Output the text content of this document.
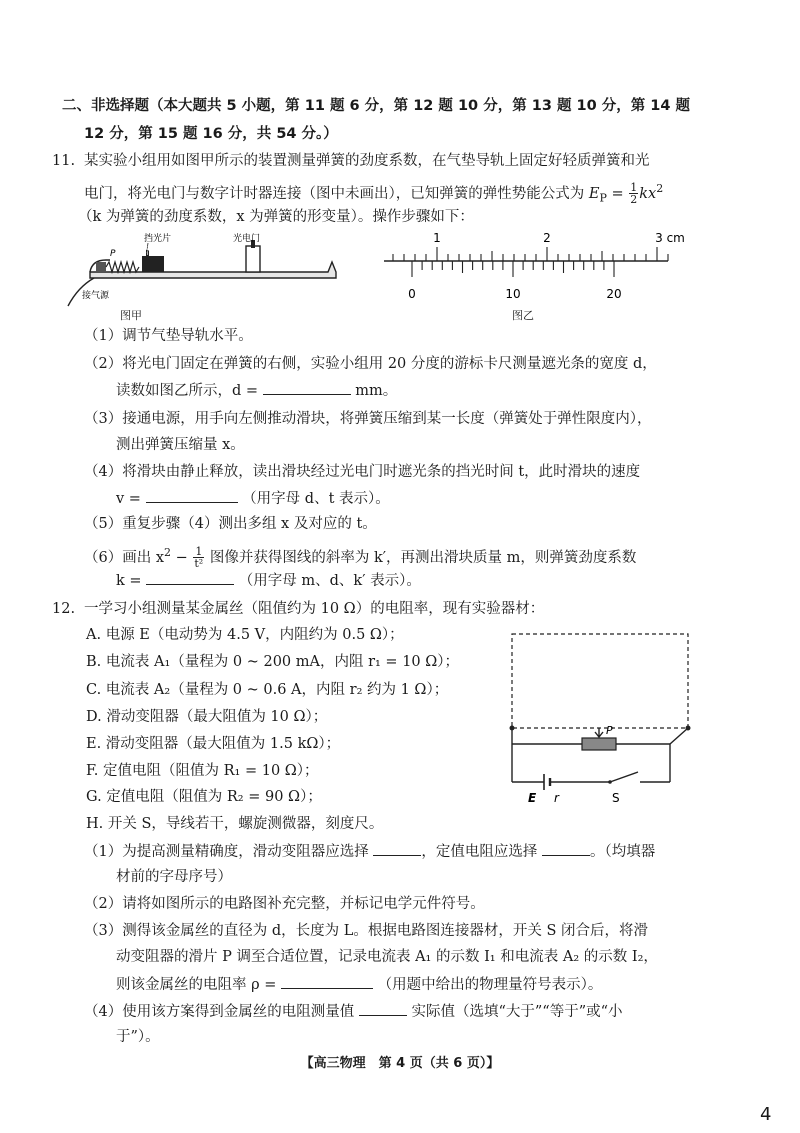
二、非选择题（本大题共 5 小题，第 11 题 6 分，第 12 题 10 分，第 13 题 10 分，第 14 题
12 分，第 15 题 16 分，共 54 分。）
11. 某实验小组用如图甲所示的装置测量弹簧的劲度系数，在气垫导轨上固定好轻质弹簧和光
电门，将光电门与数字计时器连接（图中未画出），已知弹簧的弹性势能公式为 $E_P = \frac{1}{2} kx^2$
（k 为弹簧的劲度系数，x 为弹簧的形变量）。操作步骤如下：
挡光片
P	滑块
光电门
接气源
图甲
1	2	3 cm
0	10	20
图乙
（1）调节气垫导轨水平。
（2）将光电门固定在弹簧的右侧，实验小组用 20 分度的游标卡尺测量遮光条的宽度 d，
读数如图乙所示，d =	mm。
（3）接通电源，用手向左侧推动滑块，将弹簧压缩到某一长度（弹簧处于弹性限度内），
测出弹簧压缩量 x。
（4）将滑块由静止释放，读出滑块经过光电门时遮光条的挡光时间 t，此时滑块的速度
v =	（用字母 d、t 表示）。
（5）重复步骤（4）测出多组 x 及对应的 t。
（6）画出 $x^2 - \frac{1}{\text{t²}}$ 图像并获得图线的斜率为 k′，再测出滑块质量 m，则弹簧劲度系数
k =	（用字母 m、d、k′ 表示）。
12. 一学习小组测量某金属丝（阻值约为 10 Ω）的电阻率，现有实验器材：
A. 电源 E（电动势为 4.5 V，内阻约为 0.5 Ω）；
B. 电流表 A₁（量程为 0 ~ 200 mA，内阻 r₁ = 10 Ω）；
C. 电流表 A₂（量程为 0 ~ 0.6 A，内阻 r₂ 约为 1 Ω）；
D. 滑动变阻器（最大阻值为 10 Ω）；
E. 滑动变阻器（最大阻值为 1.5 kΩ）；
F. 定值电阻（阻值为 R₁ = 10 Ω）；
G. 定值电阻（阻值为 R₂ = 90 Ω）；
H. 开关 S，导线若干，螺旋测微器，刻度尺。
P
E r	S
（1）为提高测量精确度，滑动变阻器应选择	，定值电阻应选择	。（均填器
材前的字母序号）
（2）请将如图所示的电路图补充完整，并标记电学元件符号。
（3）测得该金属丝的直径为 d，长度为 L。根据电路图连接器材，开关 S 闭合后，将滑
动变阻器的滑片 P 调至合适位置，记录电流表 A₁ 的示数 I₁ 和电流表 A₂ 的示数 I₂，
则该金属丝的电阻率 ρ =	（用题中给出的物理量符号表示）。
（4）使用该方案得到金属丝的电阻测量值	实际值（选填“大于”“等于”或“小
于”）。
【高三物理　第 4 页（共 6 页）】
4
